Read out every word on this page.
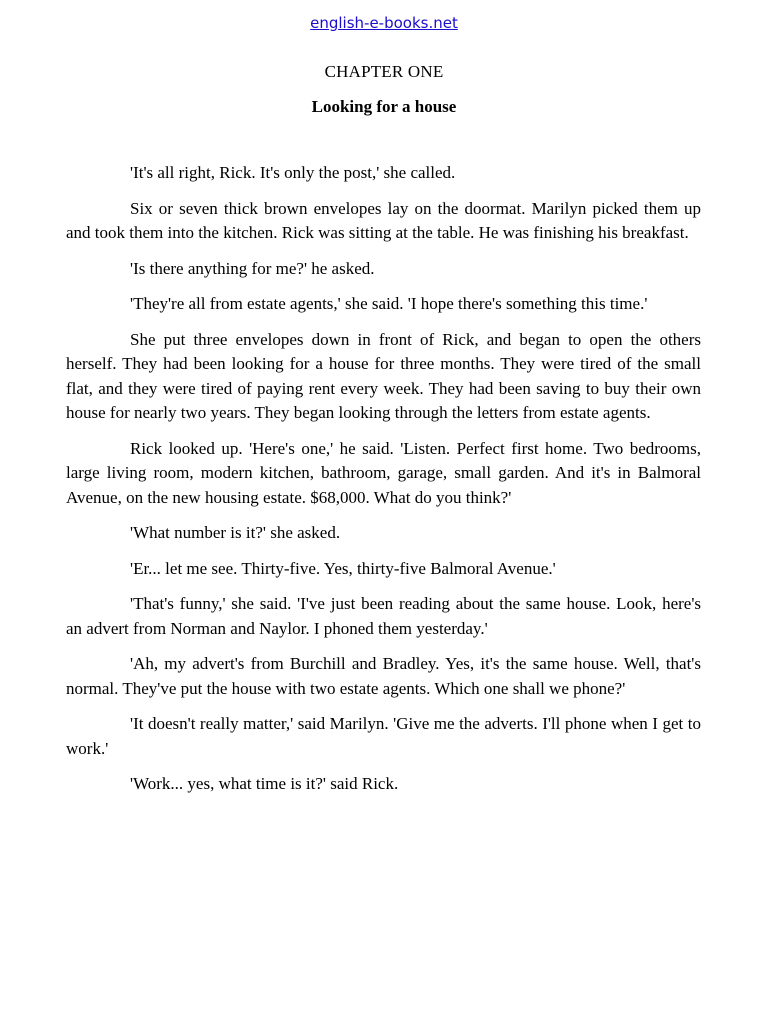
english-e-books.net
CHAPTER ONE
Looking for a house

'It's all right, Rick. It's only the post,' she called.

Six or seven thick brown envelopes lay on the doormat. Marilyn picked them up and took them into the kitchen. Rick was sitting at the table. He was finishing his breakfast.

'Is there anything for me?' he asked.

'They're all from estate agents,' she said. 'I hope there's something this time.'

She put three envelopes down in front of Rick, and began to open the others herself. They had been looking for a house for three months. They were tired of the small flat, and they were tired of paying rent every week. They had been saving to buy their own house for nearly two years. They began looking through the letters from estate agents.

Rick looked up. 'Here's one,' he said. 'Listen. Perfect first home. Two bedrooms, large living room, modern kitchen, bathroom, garage, small garden. And it's in Balmoral Avenue, on the new housing estate. $68,000. What do you think?'

'What number is it?' she asked.

'Er... let me see. Thirty-five. Yes, thirty-five Balmoral Avenue.'

'That's funny,' she said. 'I've just been reading about the same house. Look, here's an advert from Norman and Naylor. I phoned them yesterday.'

'Ah, my advert's from Burchill and Bradley. Yes, it's the same house. Well, that's normal. They've put the house with two estate agents. Which one shall we phone?'

'It doesn't really matter,' said Marilyn. 'Give me the adverts. I'll phone when I get to work.'

'Work... yes, what time is it?' said Rick.
